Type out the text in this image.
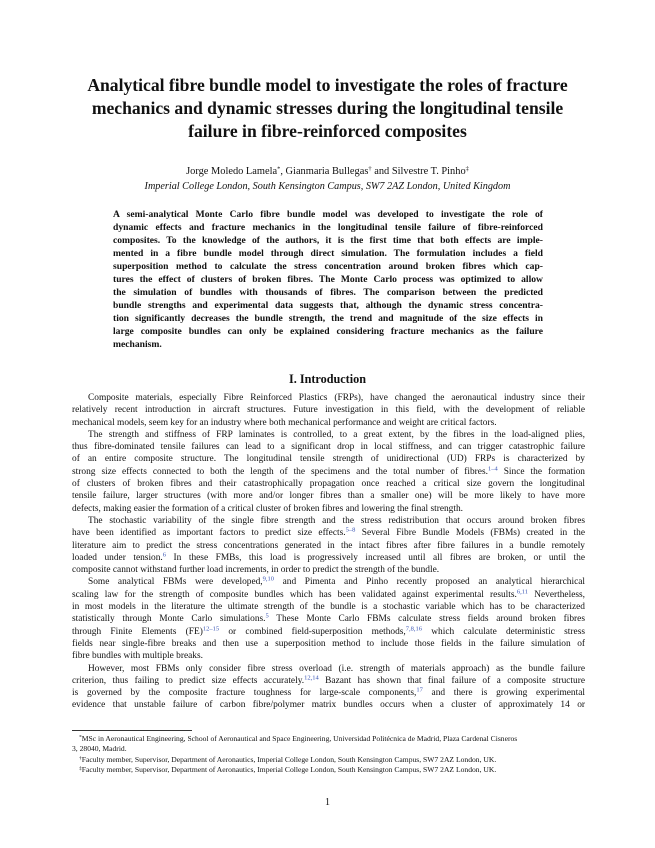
Analytical fibre bundle model to investigate the roles of fracture
mechanics and dynamic stresses during the longitudinal tensile
failure in fibre-reinforced composites
Jorge Moledo Lamela*, Gianmaria Bullegas† and Silvestre T. Pinho‡
Imperial College London, South Kensington Campus, SW7 2AZ London, United Kingdom
A semi-analytical Monte Carlo fibre bundle model was developed to investigate the role of
dynamic effects and fracture mechanics in the longitudinal tensile failure of fibre-reinforced
composites. To the knowledge of the authors, it is the first time that both effects are imple-
mented in a fibre bundle model through direct simulation. The formulation includes a field
superposition method to calculate the stress concentration around broken fibres which cap-
tures the effect of clusters of broken fibres. The Monte Carlo process was optimized to allow
the simulation of bundles with thousands of fibres. The comparison between the predicted
bundle strengths and experimental data suggests that, although the dynamic stress concentra-
tion significantly decreases the bundle strength, the trend and magnitude of the size effects in
large composite bundles can only be explained considering fracture mechanics as the failure
mechanism.
I. Introduction
Composite materials, especially Fibre Reinforced Plastics (FRPs), have changed the aeronautical industry since their
relatively recent introduction in aircraft structures. Future investigation in this field, with the development of reliable
mechanical models, seem key for an industry where both mechanical performance and weight are critical factors.
The strength and stiffness of FRP laminates is controlled, to a great extent, by the fibres in the load-aligned plies,
thus fibre-dominated tensile failures can lead to a significant drop in local stiffness, and can trigger catastrophic failure
of an entire composite structure. The longitudinal tensile strength of unidirectional (UD) FRPs is characterized by
strong size effects connected to both the length of the specimens and the total number of fibres.$^{1-4}$ Since the formation
of clusters of broken fibres and their catastrophically propagation once reached a critical size govern the longitudinal
tensile failure, larger structures (with more and/or longer fibres than a smaller one) will be more likely to have more
defects, making easier the formation of a critical cluster of broken fibres and lowering the final strength.
The stochastic variability of the single fibre strength and the stress redistribution that occurs around broken fibres
have been identified as important factors to predict size effects.$^{5-8}$ Several Fibre Bundle Models (FBMs) created in the
literature aim to predict the stress concentrations generated in the intact fibres after fibre failures in a bundle remotely
loaded under tension.$^6$ In these FMBs, this load is progressively increased until all fibres are broken, or until the
composite cannot withstand further load increments, in order to predict the strength of the bundle.
Some analytical FBMs were developed,$^{9,10}$ and Pimenta and Pinho recently proposed an analytical hierarchical
scaling law for the strength of composite bundles which has been validated against experimental results.$^{6,11}$ Nevertheless,
in most models in the literature the ultimate strength of the bundle is a stochastic variable which has to be characterized
statistically through Monte Carlo simulations.$^5$ These Monte Carlo FBMs calculate stress fields around broken fibres
through Finite Elements (FE)$^{12-15}$ or combined field-superposition methods,$^{7,8,16}$ which calculate deterministic stress
fields near single-fibre breaks and then use a superposition method to include those fields in the failure simulation of
fibre bundles with multiple breaks.
However, most FBMs only consider fibre stress overload (i.e. strength of materials approach) as the bundle failure
criterion, thus failing to predict size effects accurately.$^{12,14}$ Bazant has shown that final failure of a composite structure
is governed by the composite fracture toughness for large-scale components,$^{17}$ and there is growing experimental
evidence that unstable failure of carbon fibre/polymer matrix bundles occurs when a cluster of approximately 14 or
*MSc in Aeronautical Engineering, School of Aeronautical and Space Engineering, Universidad Politécnica de Madrid, Plaza Cardenal Cisneros
3, 28040, Madrid.
†Faculty member, Supervisor, Department of Aeronautics, Imperial College London, South Kensington Campus, SW7 2AZ London, UK.
‡Faculty member, Supervisor, Department of Aeronautics, Imperial College London, South Kensington Campus, SW7 2AZ London, UK.
1
